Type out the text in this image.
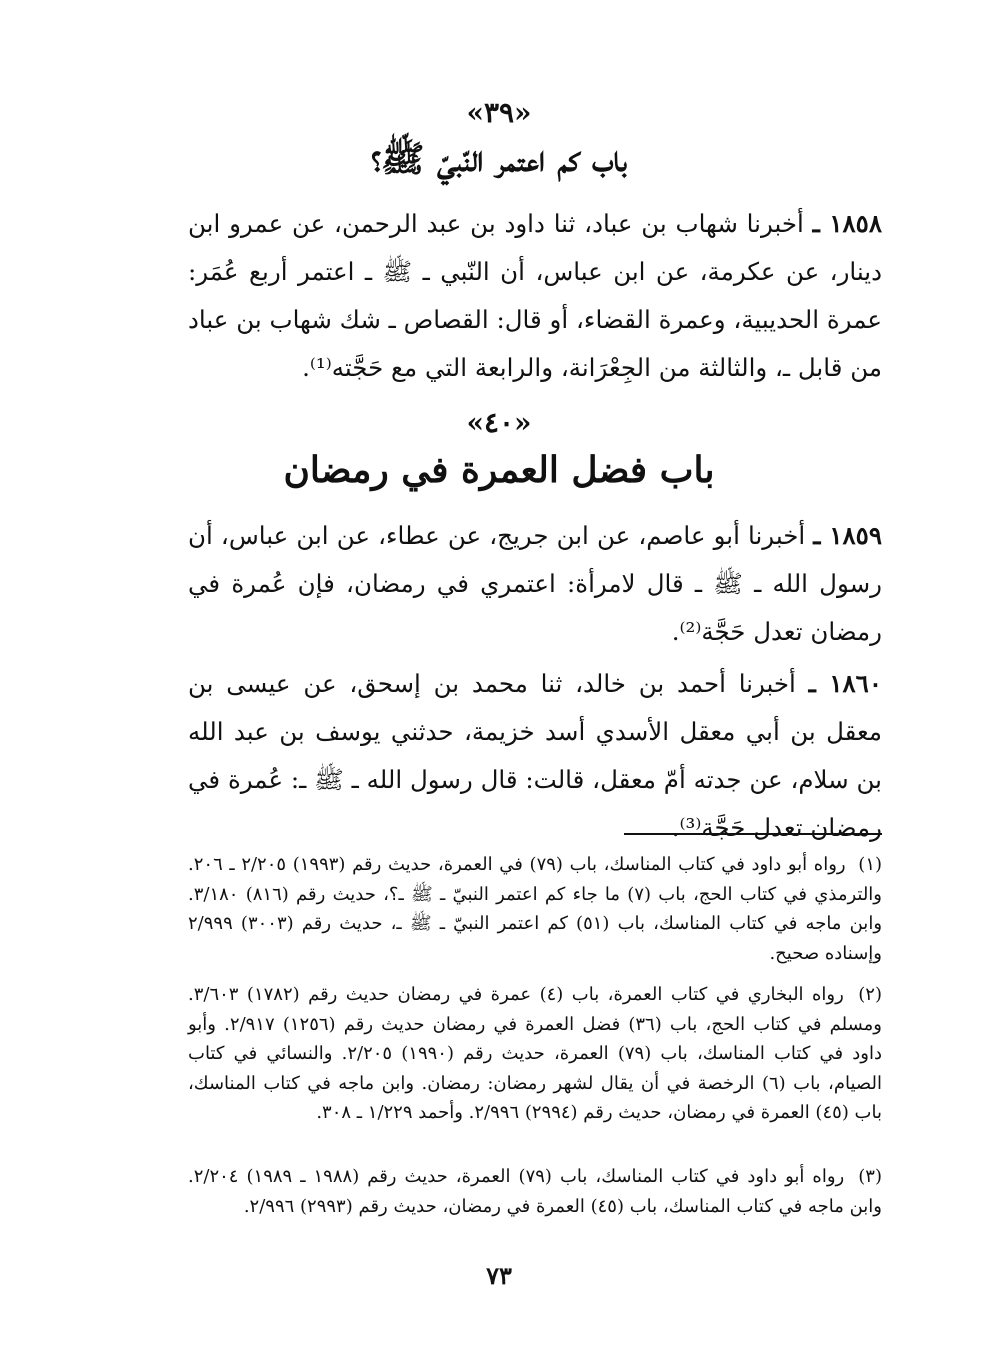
«٣٩»
باب كم اعتمر النّبيّ ﷺ؟
١٨٥٨ ـ أخبرنا شهاب بن عباد، ثنا داود بن عبد الرحمن، عن عمرو ابن دينار، عن عكرمة، عن ابن عباس، أن النّبي ـ ﷺ ـ اعتمر أربع عُمَر: عمرة الحديبية، وعمرة القضاء، أو قال: القصاص ـ شك شهاب بن عباد من قابل ـ، والثالثة من الجِعْرَانة، والرابعة التي مع حَجَّته⁽¹⁾.
«٤٠»
باب فضل العمرة في رمضان
١٨٥٩ ـ أخبرنا أبو عاصم، عن ابن جريج، عن عطاء، عن ابن عباس، أن رسول الله ـ ﷺ ـ قال لامرأة: اعتمري في رمضان، فإن عُمرة في رمضان تعدل حَجَّة⁽²⁾.
١٨٦٠ ـ أخبرنا أحمد بن خالد، ثنا محمد بن إسحق، عن عيسى بن معقل بن أبي معقل الأسدي أسد خزيمة، حدثني يوسف بن عبد الله بن سلام، عن جدته أمّ معقل، قالت: قال رسول الله ـ ﷺ ـ: عُمرة في رمضان تعدل حَجَّة⁽³⁾.
(١) رواه أبو داود في كتاب المناسك، باب (٧٩) في العمرة، حديث رقم (١٩٩٣) ٢/٢٠٥ ـ ٢٠٦. والترمذي في كتاب الحج، باب (٧) ما جاء كم اعتمر النبيّ ـ ﷺ ـ؟، حديث رقم (٨١٦) ٣/١٨٠. وابن ماجه في كتاب المناسك، باب (٥١) كم اعتمر النبيّ ـ ﷺ ـ، حديث رقم (٣٠٠٣) ٢/٩٩٩ وإسناده صحيح.
(٢) رواه البخاري في كتاب العمرة، باب (٤) عمرة في رمضان حديث رقم (١٧٨٢) ٣/٦٠٣. ومسلم في كتاب الحج، باب (٣٦) فضل العمرة في رمضان حديث رقم (١٢٥٦) ٢/٩١٧. وأبو داود في كتاب المناسك، باب (٧٩) العمرة، حديث رقم (١٩٩٠) ٢/٢٠٥. والنسائي في كتاب الصيام، باب (٦) الرخصة في أن يقال لشهر رمضان: رمضان. وابن ماجه في كتاب المناسك، باب (٤٥) العمرة في رمضان، حديث رقم (٢٩٩٤) ٢/٩٩٦. وأحمد ١/٢٢٩ ـ ٣٠٨.
(٣) رواه أبو داود في كتاب المناسك، باب (٧٩) العمرة، حديث رقم (١٩٨٨ ـ ١٩٨٩) ٢/٢٠٤. وابن ماجه في كتاب المناسك، باب (٤٥) العمرة في رمضان، حديث رقم (٢٩٩٣) ٢/٩٩٦.
٧٣
